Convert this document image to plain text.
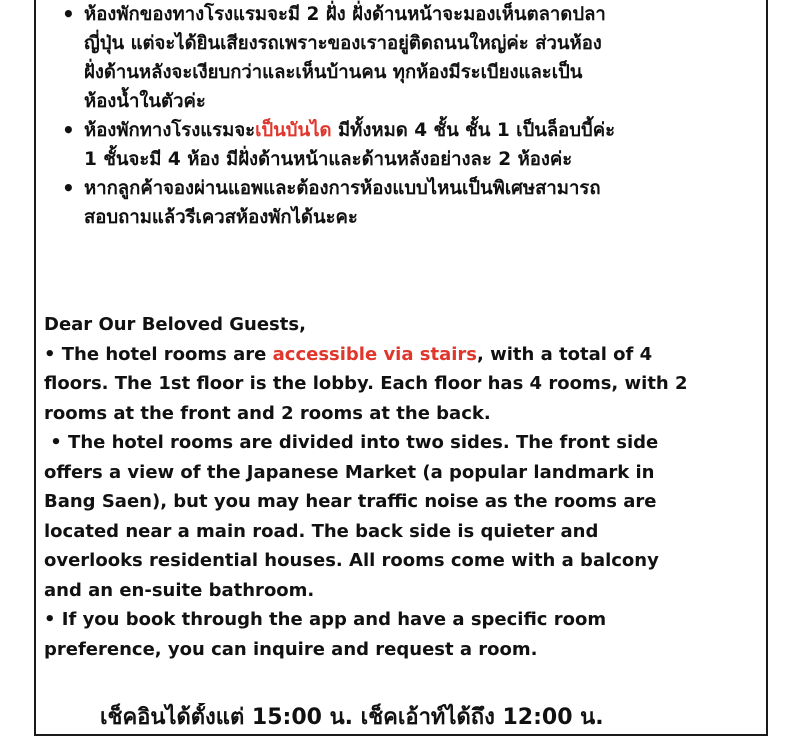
• ห้องพักของทางโรงแรมจะมี 2 ฝั่ง ฝั่งด้านหน้าจะมองเห็นตลาดปลา
ญี่ปุ่น แต่จะได้ยินเสียงรถเพราะของเราอยู่ติดถนนใหญ่ค่ะ ส่วนห้อง
ฝั่งด้านหลังจะเงียบกว่าและเห็นบ้านคน ทุกห้องมีระเบียงและเป็น
ห้องน้ำในตัวค่ะ
• ห้องพักทางโรงแรมจะเป็นบันได มีทั้งหมด 4 ชั้น ชั้น 1 เป็นล็อบบี้ค่ะ
1 ชั้นจะมี 4 ห้อง มีฝั่งด้านหน้าและด้านหลังอย่างละ 2 ห้องค่ะ
• หากลูกค้าจองผ่านแอพและต้องการห้องแบบไหนเป็นพิเศษสามารถ
สอบถามแล้วรีเควสห้องพักได้นะคะ
Dear Our Beloved Guests,
• The hotel rooms are accessible via stairs, with a total of 4
floors. The 1st floor is the lobby. Each floor has 4 rooms, with 2
rooms at the front and 2 rooms at the back.
• The hotel rooms are divided into two sides. The front side
offers a view of the Japanese Market (a popular landmark in
Bang Saen), but you may hear traffic noise as the rooms are
located near a main road. The back side is quieter and
overlooks residential houses. All rooms come with a balcony
and an en-suite bathroom.
• If you book through the app and have a specific room
preference, you can inquire and request a room.
เช็คอินได้ตั้งแต่ 15:00 น. เช็คเอ้าท์ได้ถึง 12:00 น.
